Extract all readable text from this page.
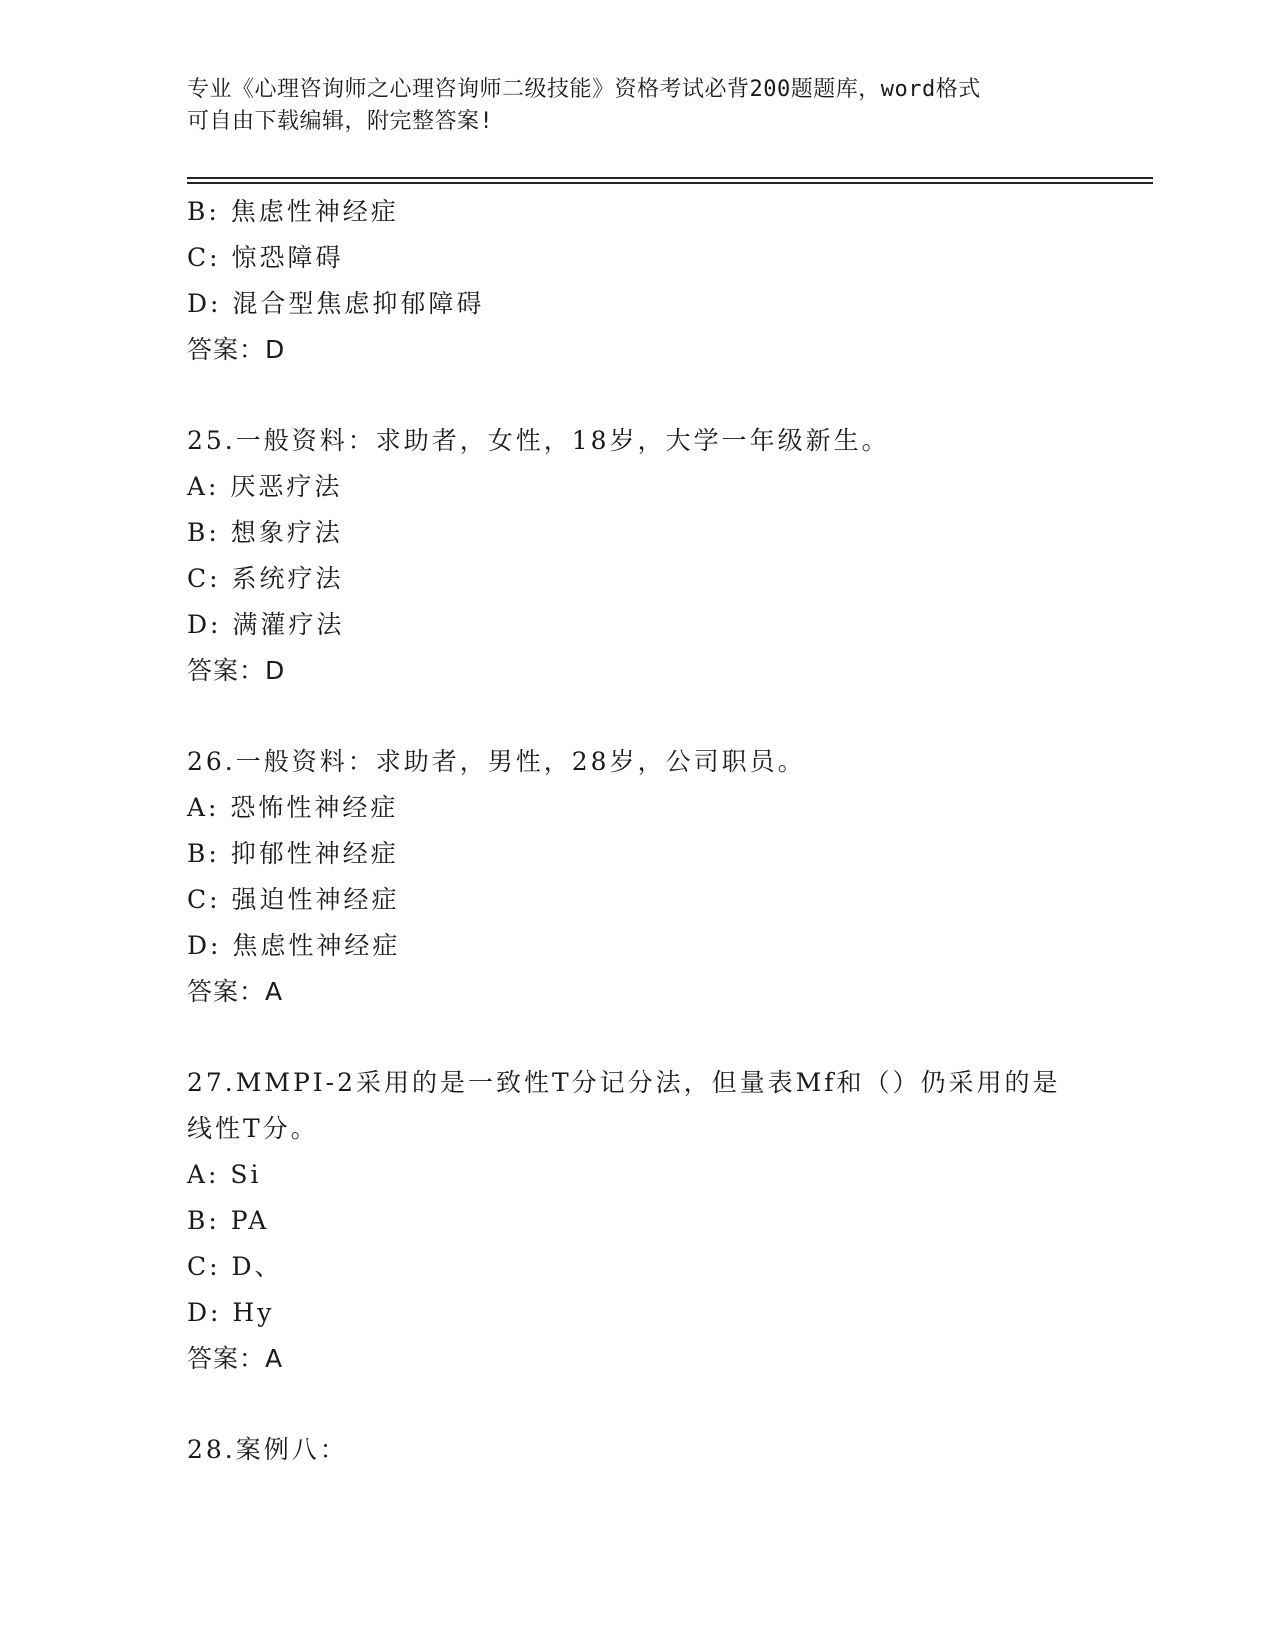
专业《心理咨询师之心理咨询师二级技能》资格考试必背200题题库，word格式
可自由下载编辑，附完整答案!
B: 焦虑性神经症
C: 惊恐障碍
D: 混合型焦虑抑郁障碍
答案：D
25.一般资料：求助者，女性，18岁，大学一年级新生。
A: 厌恶疗法
B: 想象疗法
C: 系统疗法
D: 满灌疗法
答案：D
26.一般资料：求助者，男性，28岁，公司职员。
A: 恐怖性神经症
B: 抑郁性神经症
C: 强迫性神经症
D: 焦虑性神经症
答案：A
27.MMPI-2采用的是一致性T分记分法，但量表Mf和（）仍采用的是
线性T分。
A: Si
B: PA
C: D、
D: Hy
答案：A
28.案例八：
